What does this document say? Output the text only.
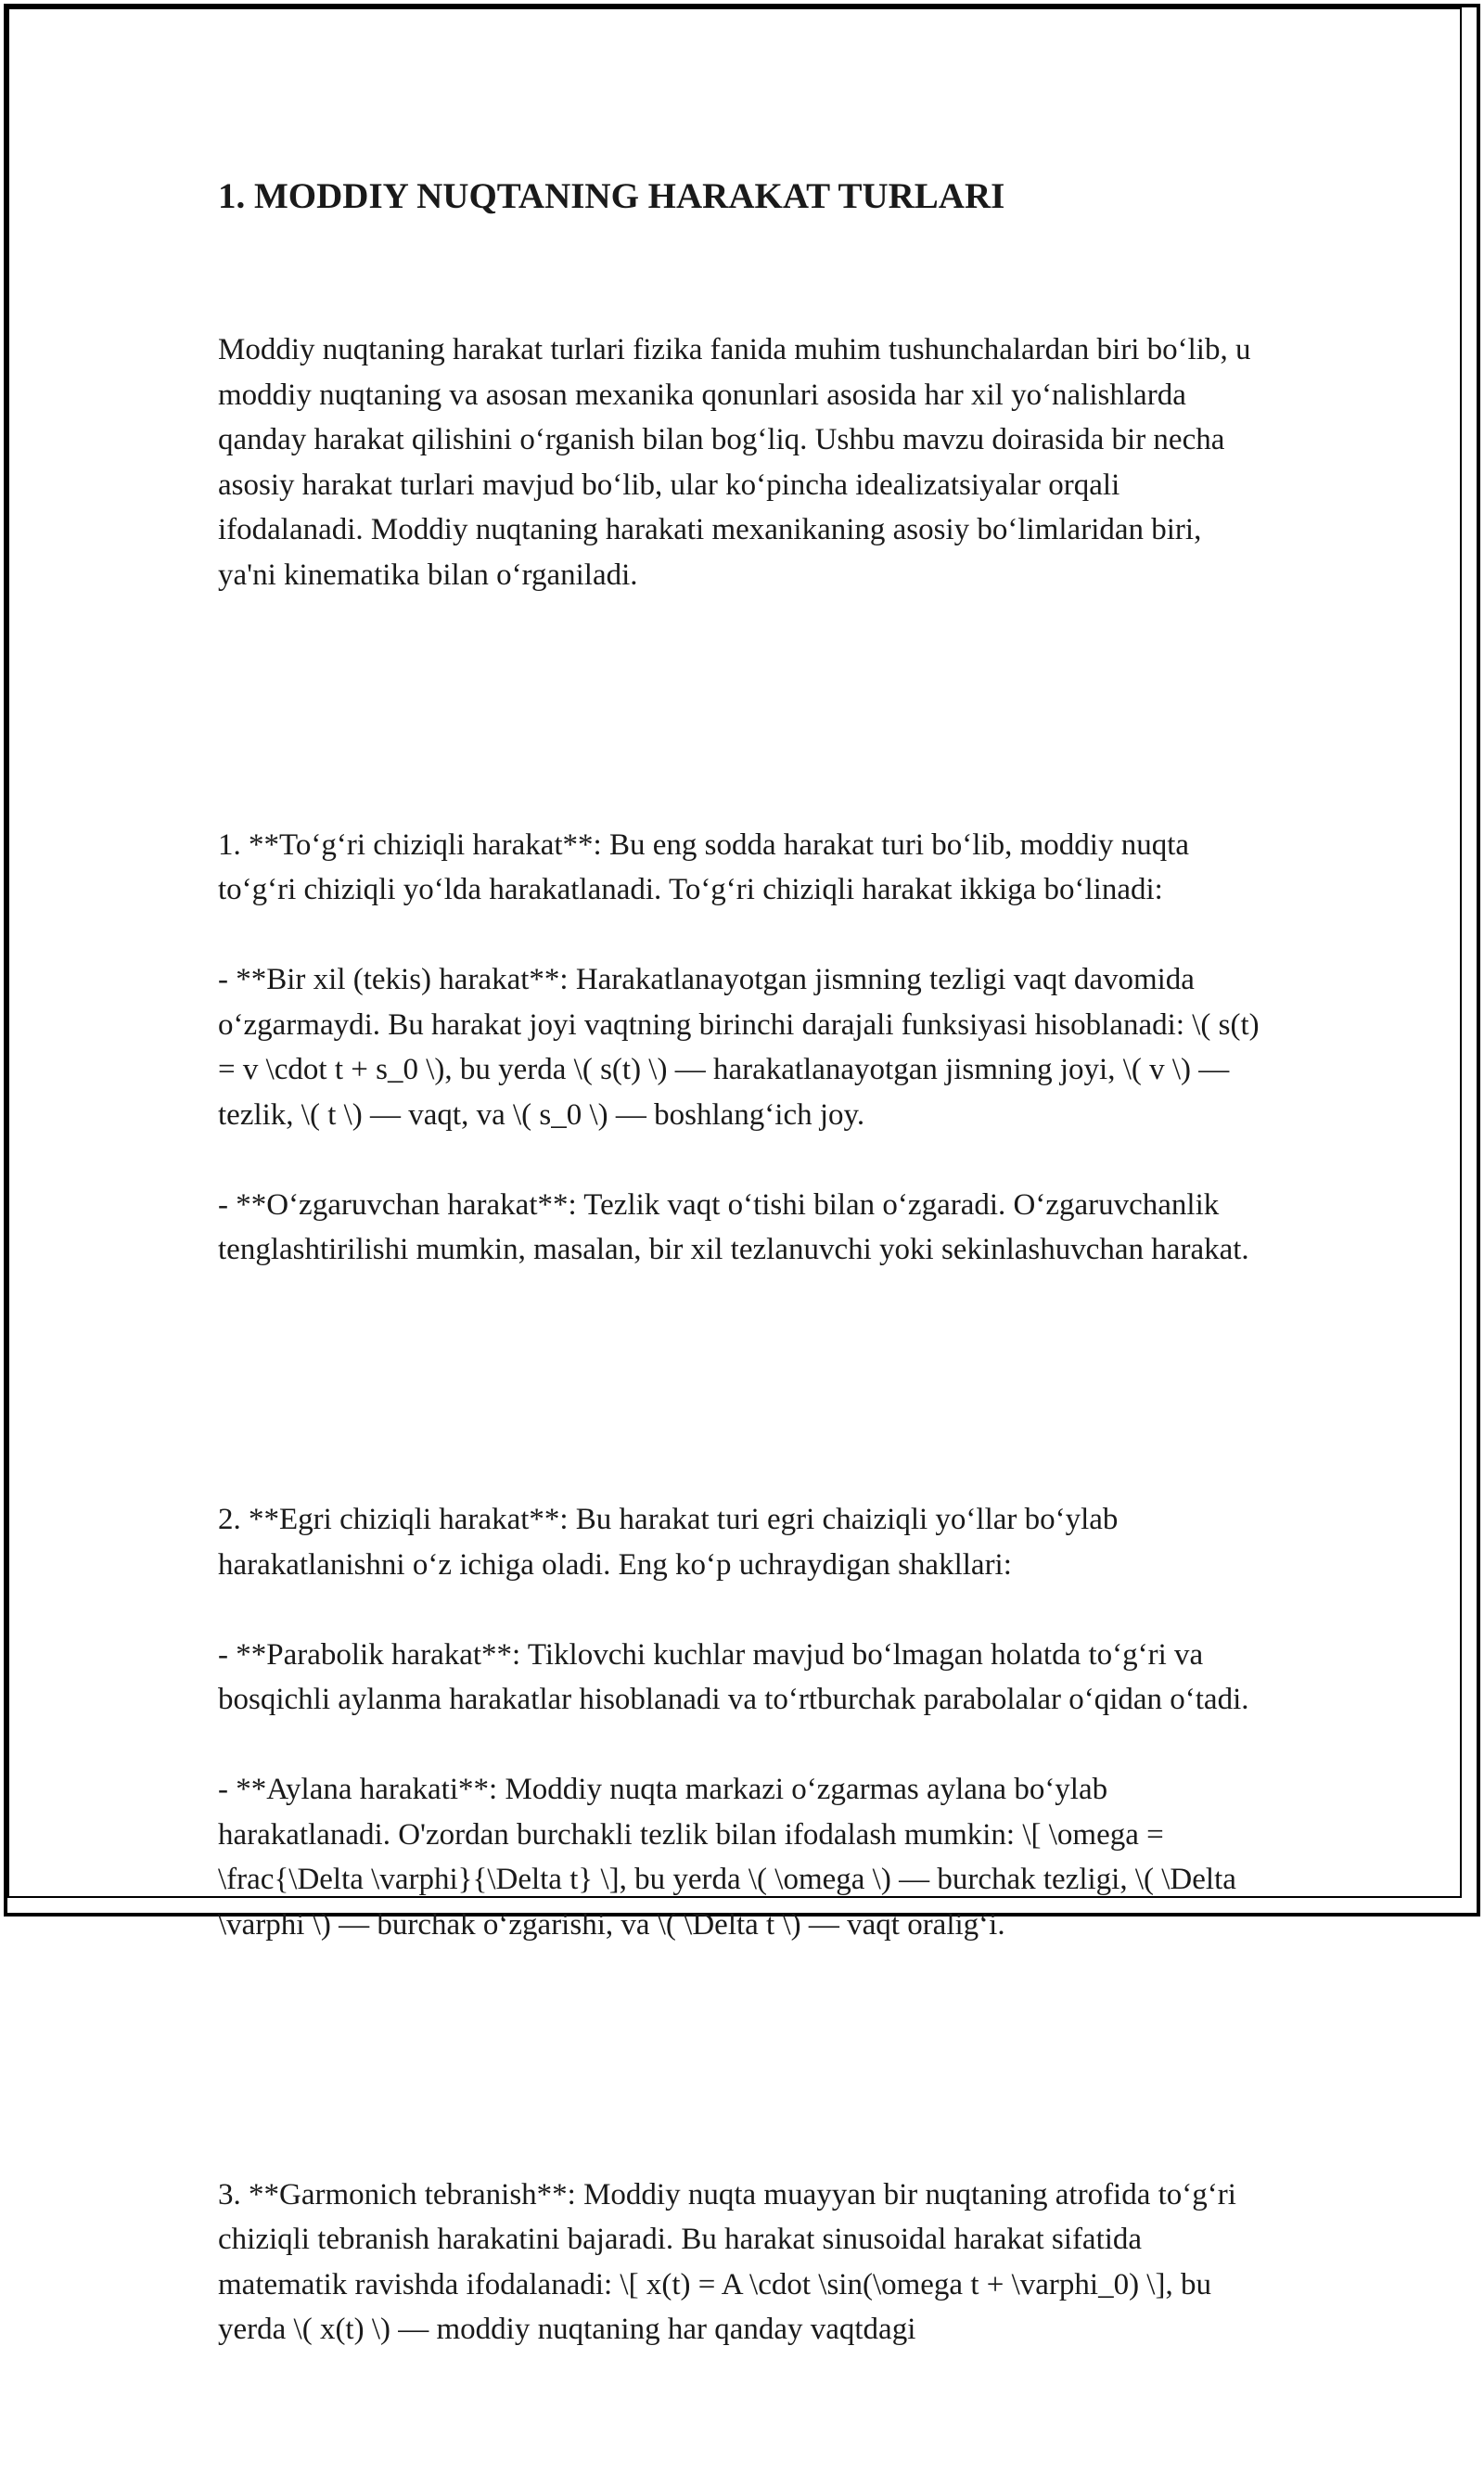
1. MODDIY NUQTANING HARAKAT TURLARI

Moddiy nuqtaning harakat turlari fizika fanida muhim tushunchalardan biri bo‘lib, u moddiy nuqtaning va asosan mexanika qonunlari asosida har xil yo‘nalishlarda qanday harakat qilishini o‘rganish bilan bog‘liq. Ushbu mavzu doirasida bir necha asosiy harakat turlari mavjud bo‘lib, ular ko‘pincha idealizatsiyalar orqali ifodalanadi. Moddiy nuqtaning harakati mexanikaning asosiy bo‘limlaridan biri, ya'ni kinematika bilan o‘rganiladi.

1. **To‘g‘ri chiziqli harakat**: Bu eng sodda harakat turi bo‘lib, moddiy nuqta to‘g‘ri chiziqli yo‘lda harakatlanadi. To‘g‘ri chiziqli harakat ikkiga bo‘linadi:

- **Bir xil (tekis) harakat**: Harakatlanayotgan jismning tezligi vaqt davomida o‘zgarmaydi. Bu harakat joyi vaqtning birinchi darajali funksiyasi hisoblanadi: \( s(t) = v \cdot t + s_0 \), bu yerda \( s(t) \) — harakatlanayotgan jismning joyi, \( v \) — tezlik, \( t \) — vaqt, va \( s_0 \) — boshlang‘ich joy.

- **O‘zgaruvchan harakat**: Tezlik vaqt o‘tishi bilan o‘zgaradi. O‘zgaruvchanlik tenglashtirilishi mumkin, masalan, bir xil tezlanuvchi yoki sekinlashuvchan harakat.

2. **Egri chiziqli harakat**: Bu harakat turi egri chaiziqli yo‘llar bo‘ylab harakatlanishni o‘z ichiga oladi. Eng ko‘p uchraydigan shakllari:

- **Parabolik harakat**: Tiklovchi kuchlar mavjud bo‘lmagan holatda to‘g‘ri va bosqichli aylanma harakatlar hisoblanadi va to‘rtburchak parabolalar o‘qidan o‘tadi.

- **Aylana harakati**: Moddiy nuqta markazi o‘zgarmas aylana bo‘ylab harakatlanadi. O'zordan burchakli tezlik bilan ifodalash mumkin: \[ \omega = \frac{\Delta \varphi}{\Delta t} \], bu yerda \( \omega \) — burchak tezligi, \( \Delta \varphi \) — burchak o‘zgarishi, va \( \Delta t \) — vaqt oralig‘i.

3. **Garmonich tebranish**: Moddiy nuqta muayyan bir nuqtaning atrofida to‘g‘ri chiziqli tebranish harakatini bajaradi. Bu harakat sinusoidal harakat sifatida matematik ravishda ifodalanadi: \[ x(t) = A \cdot \sin(\omega t + \varphi_0) \], bu yerda \( x(t) \) — moddiy nuqtaning har qanday vaqtdagi
